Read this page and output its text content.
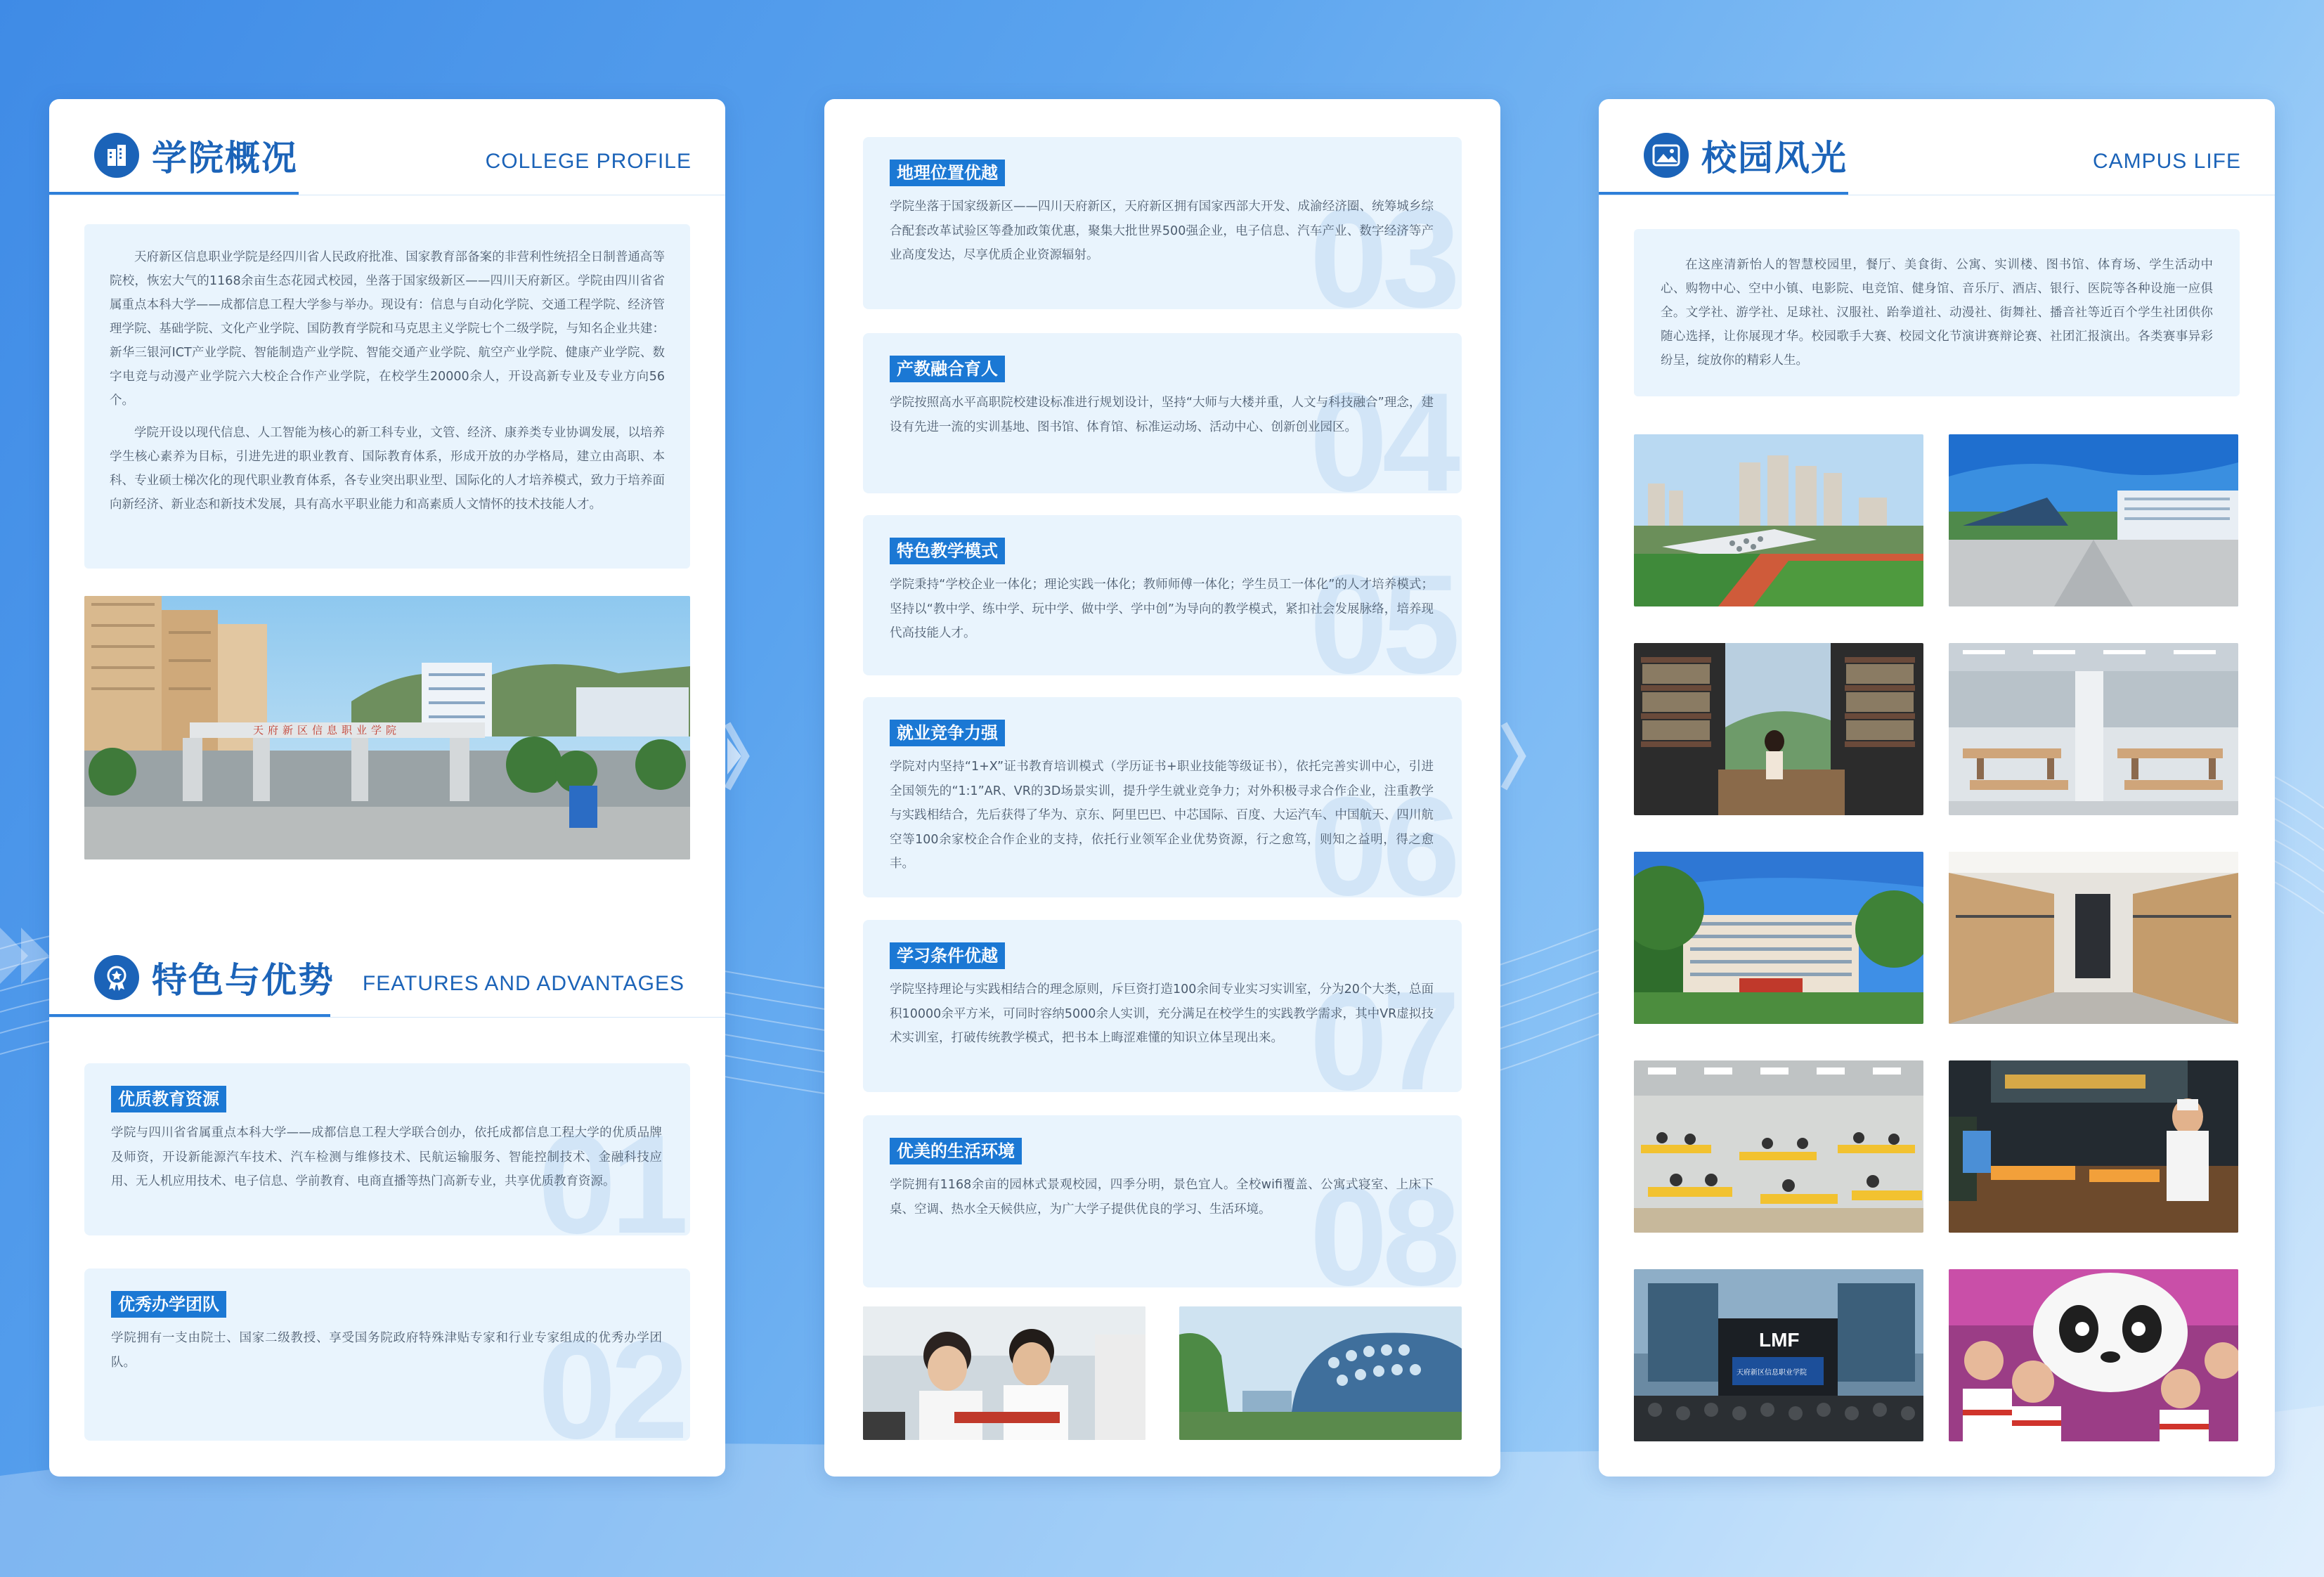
学院概况	COLLEGE PROFILE

天府新区信息职业学院是经四川省人民政府批准、国家教育部备案的非营利性统招全日制普通高等院校，恢宏大气的1168余亩生态花园式校园，坐落于国家级新区——四川天府新区。学院由四川省省属重点本科大学——成都信息工程大学参与举办。现设有：信息与自动化学院、交通工程学院、经济管理学院、基础学院、文化产业学院、国防教育学院和马克思主义学院七个二级学院，与知名企业共建：新华三银河ICT产业学院、智能制造产业学院、智能交通产业学院、航空产业学院、健康产业学院、数字电竞与动漫产业学院六大校企合作产业学院，在校学生20000余人，开设高新专业及专业方向56个。

学院开设以现代信息、人工智能为核心的新工科专业，文管、经济、康养类专业协调发展，以培养学生核心素养为目标，引进先进的职业教育、国际教育体系，形成开放的办学格局，建立由高职、本科、专业硕士梯次化的现代职业教育体系，各专业突出职业型、国际化的人才培养模式，致力于培养面向新经济、新业态和新技术发展，具有高水平职业能力和高素质人文情怀的技术技能人才。

天府新区信息职业学院
特色与优势 FEATURES AND ADVANTAGES
01
优质教育资源
学院与四川省省属重点本科大学——成都信息工程大学联合创办，依托成都信息工程大学的优质品牌及师资，开设新能源汽车技术、汽车检测与维修技术、民航运输服务、智能控制技术、金融科技应用、无人机应用技术、电子信息、学前教育、电商直播等热门高新专业，共享优质教育资源。
02
优秀办学团队
学院拥有一支由院士、国家二级教授、享受国务院政府特殊津贴专家和行业专家组成的优秀办学团队。
03
地理位置优越
学院坐落于国家级新区——四川天府新区，天府新区拥有国家西部大开发、成渝经济圈、统筹城乡综合配套改革试验区等叠加政策优惠，聚集大批世界500强企业，电子信息、汽车产业、数字经济等产业高度发达，尽享优质企业资源辐射。
04
产教融合育人
学院按照高水平高职院校建设标准进行规划设计，坚持“大师与大楼并重，人文与科技融合”理念，建设有先进一流的实训基地、图书馆、体育馆、标准运动场、活动中心、创新创业园区。
05
特色教学模式
学院秉持“学校企业一体化；理论实践一体化；教师师傅一体化；学生员工一体化”的人才培养模式；坚持以“教中学、练中学、玩中学、做中学、学中创”为导向的教学模式，紧扣社会发展脉络，培养现代高技能人才。
06
就业竞争力强
学院对内坚持“1+X”证书教育培训模式（学历证书+职业技能等级证书），依托完善实训中心，引进全国领先的“1:1”AR、VR的3D场景实训，提升学生就业竞争力；对外积极寻求合作企业，注重教学与实践相结合，先后获得了华为、京东、阿里巴巴、中芯国际、百度、大运汽车、中国航天、四川航空等100余家校企合作企业的支持，依托行业领军企业优势资源，行之愈笃，则知之益明，得之愈丰。
07
学习条件优越
学院坚持理论与实践相结合的理念原则，斥巨资打造100余间专业实习实训室，分为20个大类，总面积10000余平方米，可同时容纳5000余人实训，充分满足在校学生的实践教学需求，其中VR虚拟技术实训室，打破传统教学模式，把书本上晦涩难懂的知识立体呈现出来。
08
优美的生活环境
学院拥有1168余亩的园林式景观校园，四季分明，景色宜人。全校wifi覆盖、公寓式寝室、上床下桌、空调、热水全天候供应，为广大学子提供优良的学习、生活环境。
校园风光	CAMPUS LIFE

在这座清新怡人的智慧校园里，餐厅、美食街、公寓、实训楼、图书馆、体育场、学生活动中心、购物中心、空中小镇、电影院、电竞馆、健身馆、音乐厅、酒店、银行、医院等各种设施一应俱全。文学社、游学社、足球社、汉服社、跆拳道社、动漫社、街舞社、播音社等近百个学生社团供你随心选择，让你展现才华。校园歌手大赛、校园文化节演讲赛辩论赛、社团汇报演出。各类赛事异彩纷呈，绽放你的精彩人生。

LMF
天府新区信息职业学院
